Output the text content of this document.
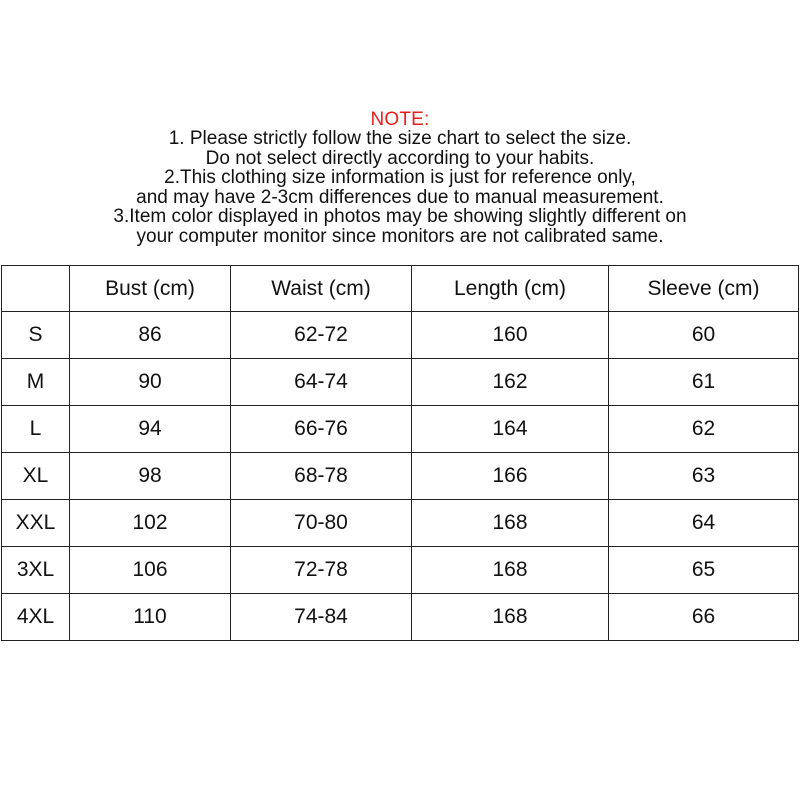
NOTE:
1. Please strictly follow the size chart to select the size.
Do not select directly according to your habits.
2.This clothing size information is just for reference only,
and may have 2-3cm differences due to manual measurement.
3.Item color displayed in photos may be showing slightly different on
your computer monitor since monitors are not calibrated same.
	Bust (cm)	Waist (cm)	Length (cm)	Sleeve (cm)
S	86	62-72	160	60
M	90	64-74	162	61
L	94	66-76	164	62
XL	98	68-78	166	63
XXL	102	70-80	168	64
3XL	106	72-78	168	65
4XL	110	74-84	168	66
